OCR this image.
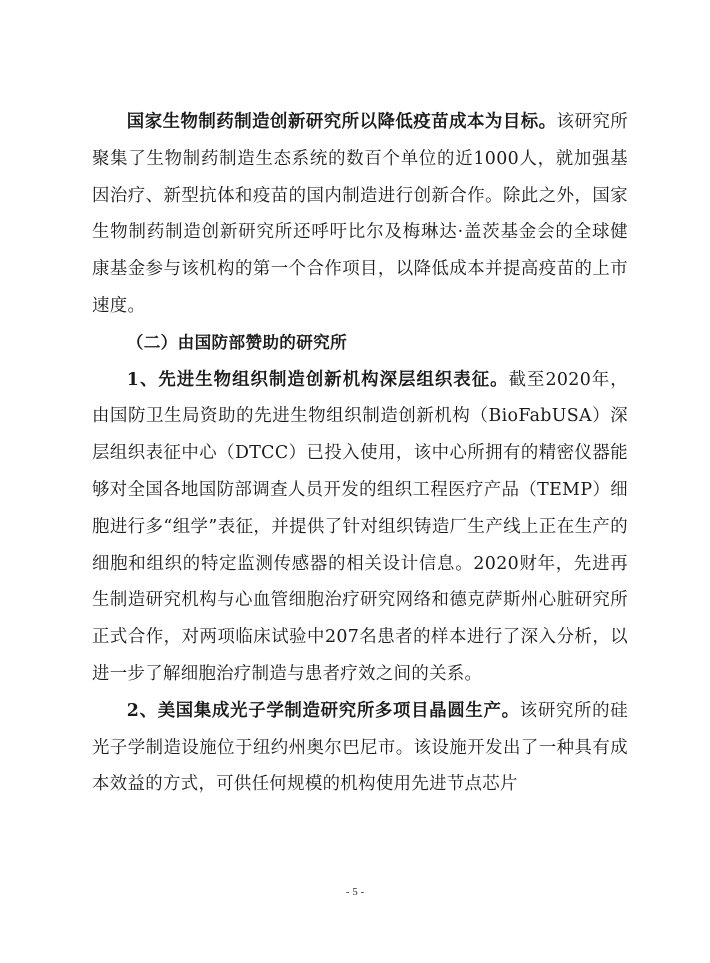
国家生物制药制造创新研究所以降低疫苗成本为目标。该研究所聚集了生物制药制造生态系统的数百个单位的近1000人，就加强基因治疗、新型抗体和疫苗的国内制造进行创新合作。除此之外，国家生物制药制造创新研究所还呼吁比尔及梅琳达·盖茨基金会的全球健康基金参与该机构的第一个合作项目，以降低成本并提高疫苗的上市速度。

（二）由国防部赞助的研究所

1、先进生物组织制造创新机构深层组织表征。截至2020年，由国防卫生局资助的先进生物组织制造创新机构（BioFabUSA）深层组织表征中心（DTCC）已投入使用，该中心所拥有的精密仪器能够对全国各地国防部调查人员开发的组织工程医疗产品（TEMP）细胞进行多“组学”表征，并提供了针对组织铸造厂生产线上正在生产的细胞和组织的特定监测传感器的相关设计信息。2020财年，先进再生制造研究机构与心血管细胞治疗研究网络和德克萨斯州心脏研究所正式合作，对两项临床试验中207名患者的样本进行了深入分析，以进一步了解细胞治疗制造与患者疗效之间的关系。

2、美国集成光子学制造研究所多项目晶圆生产。该研究所的硅光子学制造设施位于纽约州奥尔巴尼市。该设施开发出了一种具有成本效益的方式，可供任何规模的机构使用先进节点芯片

- 5 -
